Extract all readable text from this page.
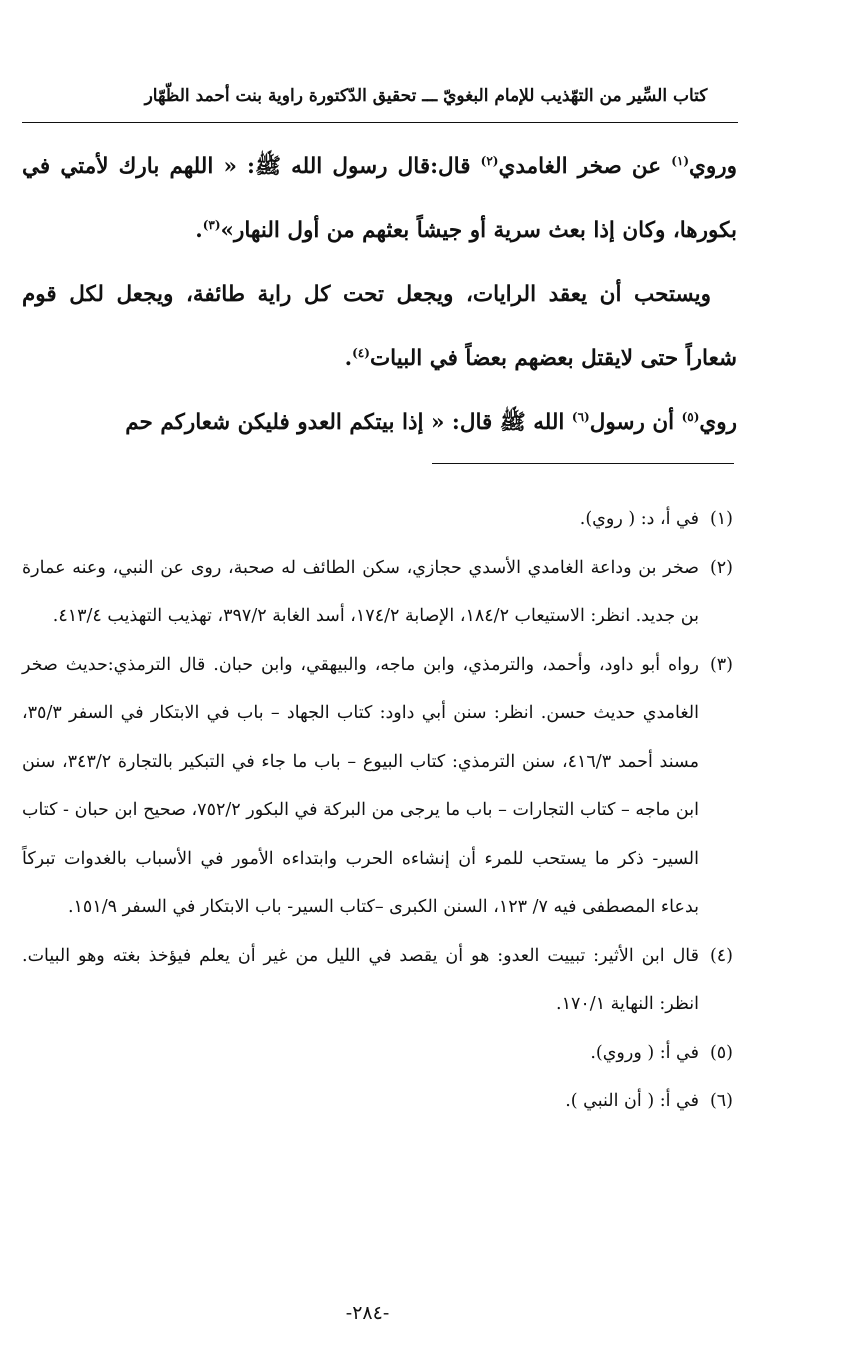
كتاب السِّير من التهّذيب للإمام البغويّ ـــ تحقيق الدّكتورة راوية بنت أحمد الظّهّار

وروي$^{(١)}$ عن صخر الغامدي$^{(٢)}$ قال:قال رسول الله ﷺ: « اللهم بارك لأمتي في بكورها، وكان إذا بعث سرية أو جيشاً بعثهم من أول النهار»$^{(٣)}$.

ويستحب أن يعقد الرايات، ويجعل تحت كل راية طائفة، ويجعل لكل قوم شعاراً حتى لايقتل بعضهم بعضاً في البيات$^{(٤)}$.

روي$^{(٥)}$ أن رسول$^{(٦)}$ الله ﷺ قال: « إذا بيتكم العدو فليكن شعاركم حم

(١)
في أ، د: ( روي).
(٢)
صخر بن وداعة الغامدي الأسدي حجازي، سكن الطائف له صحبة، روى عن النبي، وعنه عمارة بن جديد. انظر: الاستيعاب ١٨٤/٢، الإصابة ١٧٤/٢، أسد الغابة ٣٩٧/٢، تهذيب التهذيب ٤١٣/٤.
(٣)
رواه أبو داود، وأحمد، والترمذي، وابن ماجه، والبيهقي، وابن حبان. قال الترمذي:حديث صخر الغامدي حديث حسن. انظر: سنن أبي داود: كتاب الجهاد – باب في الابتكار في السفر ٣٥/٣، مسند أحمد ٤١٦/٣، سنن الترمذي: كتاب البيوع – باب ما جاء في التبكير بالتجارة ٣٤٣/٢، سنن ابن ماجه – كتاب التجارات – باب ما يرجى من البركة في البكور ٧٥٢/٢، صحيح ابن حبان - كتاب السير- ذكر ما يستحب للمرء أن إنشاءه الحرب وابتداءه الأمور في الأسباب بالغدوات تبركاً بدعاء المصطفى فيه ٧/ ١٢٣، السنن الكبرى –كتاب السير- باب الابتكار في السفر ١٥١/٩.
(٤)
قال ابن الأثير: تبييت العدو: هو أن يقصد في الليل من غير أن يعلم فيؤخذ بغته وهو البيات. انظر: النهاية ١٧٠/١.
(٥)
في أ: ( وروي).
(٦)
في أ: ( أن النبي ).
-٢٨٤-
